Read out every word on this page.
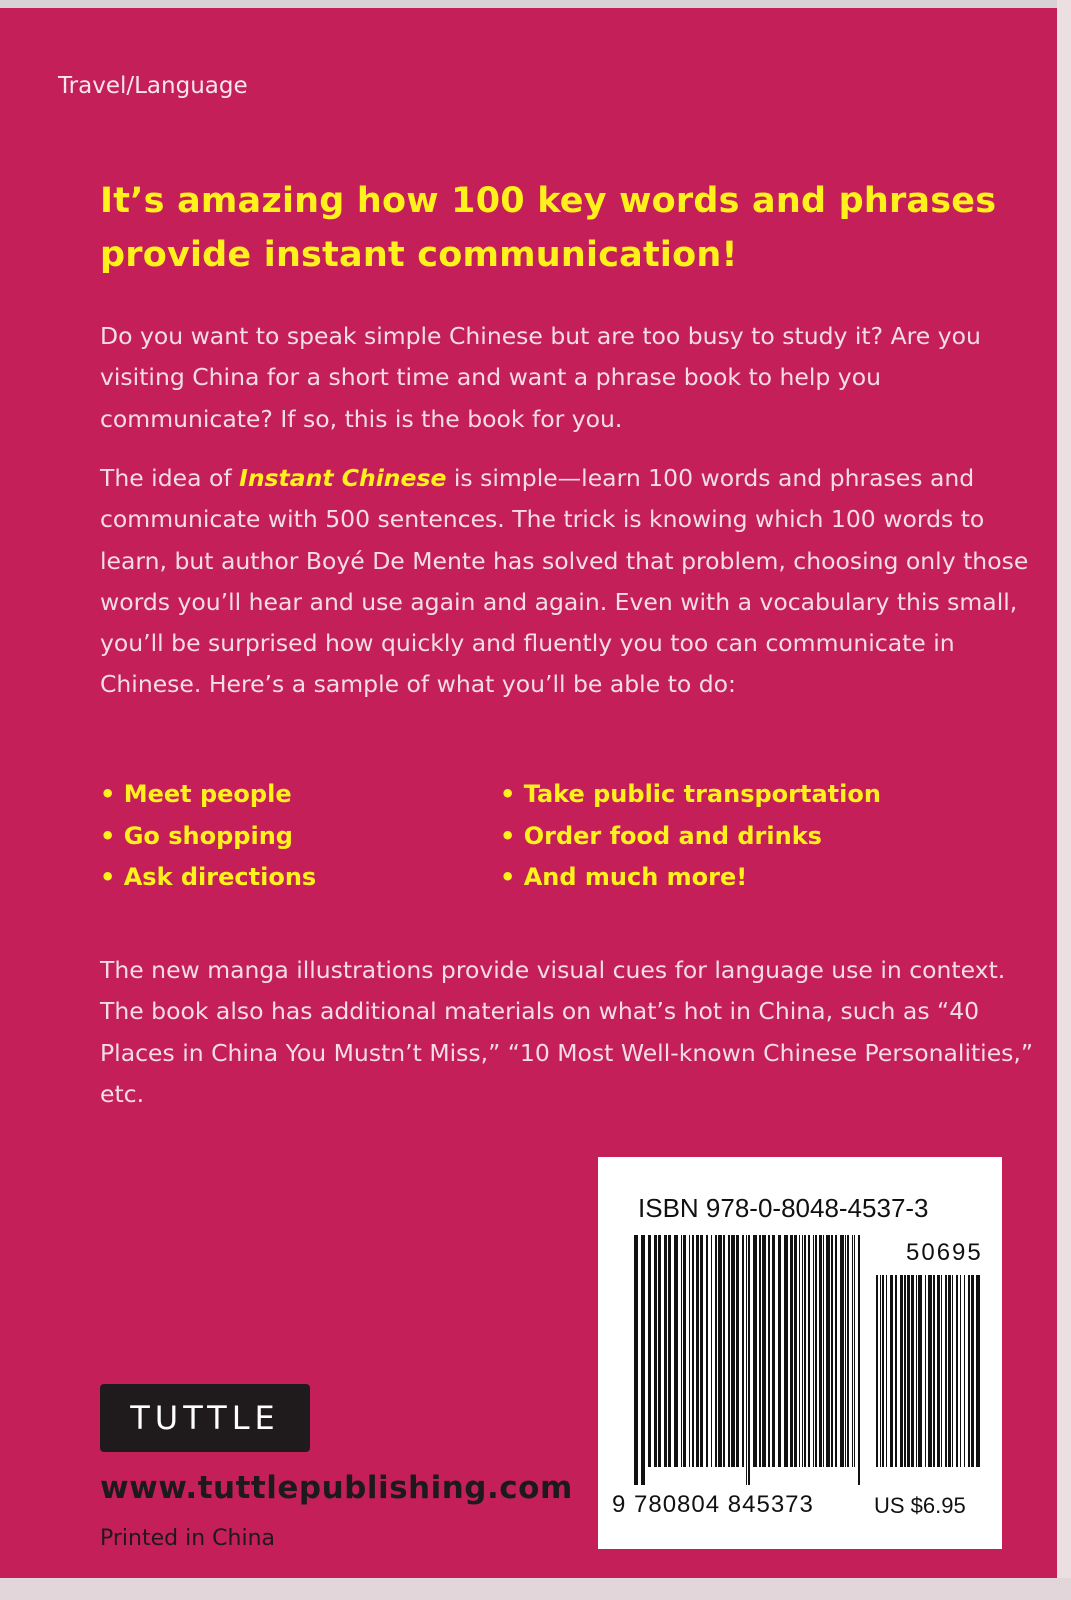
Travel/Language
It’s amazing how 100 key words and phrases
provide instant communication!

Do you want to speak simple Chinese but are too busy to study it? Are you visiting China for a short time and want a phrase book to help you communicate? If so, this is the book for you.

The idea of Instant Chinese is simple—learn 100 words and phrases and communicate with 500 sentences. The trick is knowing which 100 words to learn, but author Boyé De Mente has solved that problem, choosing only those words you’ll hear and use again and again. Even with a vocabulary this small, you’ll be surprised how quickly and fluently you too can communicate in Chinese. Here’s a sample of what you’ll be able to do:

• Meet people	• Take public transportation
• Go shopping	• Order food and drinks
• Ask directions	• And much more!

The new manga illustrations provide visual cues for language use in context. The book also has additional materials on what’s hot in China, such as “40 Places in China You Mustn’t Miss,” “10 Most Well-known Chinese Personalities,” etc.

TUTTLE
www.tuttlepublishing.com
Printed in China
ISBN 978-0-8048-4537-3
50695
9 780804 845373	US $6.95
